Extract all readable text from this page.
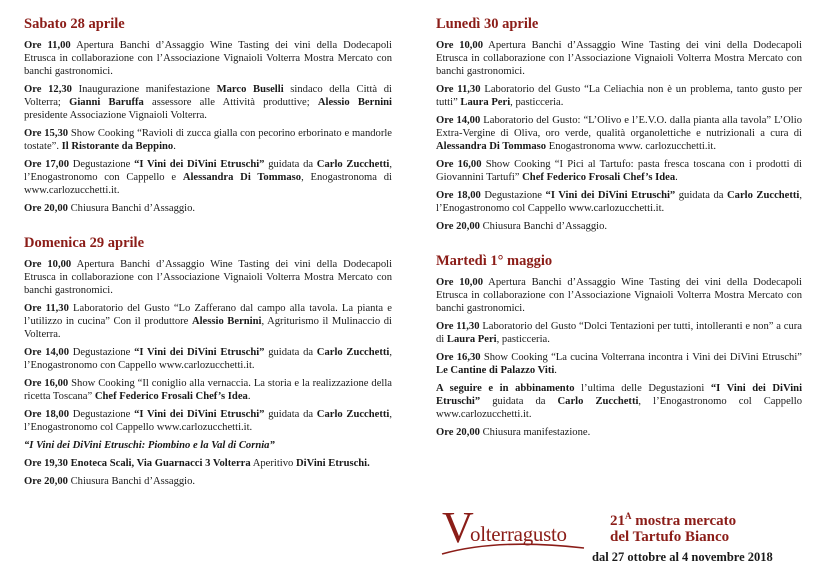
Sabato 28 aprile
Ore 11,00 Apertura Banchi d’Assaggio Wine Tasting dei vini della Dodecapoli Etrusca in collaborazione con l’Associazione Vignaioli Volterra Mostra Mercato con banchi gastronomici.
Ore 12,30 Inaugurazione manifestazione Marco Buselli sindaco della Città di Volterra; Gianni Baruffa assessore alle Attività produttive; Alessio Bernini presidente Associazione Vignaioli Volterra.
Ore 15,30 Show Cooking “Ravioli di zucca gialla con pecorino erborinato e mandorle tostate”. Il Ristorante da Beppino.
Ore 17,00 Degustazione “I Vini dei DiVini Etruschi” guidata da Carlo Zucchetti, l’Enogastronomo con Cappello e Alessandra Di Tommaso, Enogastronoma di www.carlozucchetti.it.
Ore 20,00 Chiusura Banchi d’Assaggio.
Domenica 29 aprile
Ore 10,00 Apertura Banchi d’Assaggio Wine Tasting dei vini della Dodecapoli Etrusca in collaborazione con l’Associazione Vignaioli Volterra Mostra Mercato con banchi gastronomici.
Ore 11,30 Laboratorio del Gusto “Lo Zafferano dal campo alla tavola. La pianta e l’utilizzo in cucina” Con il produttore Alessio Bernini, Agriturismo il Mulinaccio di Volterra.
Ore 14,00 Degustazione “I Vini dei DiVini Etruschi” guidata da Carlo Zucchetti, l’Enogastronomo con Cappello www.carlozucchetti.it.
Ore 16,00 Show Cooking “Il coniglio alla vernaccia. La storia e la realizzazione della ricetta Toscana” Chef Federico Frosali Chef’s Idea.
Ore 18,00 Degustazione “I Vini dei DiVini Etruschi” guidata da Carlo Zucchetti, l’Enogastronomo col Cappello www.carlozucchetti.it.
“I Vini dei DiVini Etruschi: Piombino e la Val di Cornia”
Ore 19,30 Enoteca Scali, Via Guarnacci 3 Volterra Aperitivo DiVini Etruschi.
Ore 20,00 Chiusura Banchi d’Assaggio.
Lunedì 30 aprile
Ore 10,00 Apertura Banchi d’Assaggio Wine Tasting dei vini della Dodecapoli Etrusca in collaborazione con l’Associazione Vignaioli Volterra Mostra Mercato con banchi gastronomici.
Ore 11,30 Laboratorio del Gusto “La Celiachia non è un problema, tanto gusto per tutti” Laura Peri, pasticceria.
Ore 14,00 Laboratorio del Gusto: “L’Olivo e l’E.V.O. dalla pianta alla tavola” L’Olio Extra-Vergine di Oliva, oro verde, qualità organolettiche e nutrizionali a cura di Alessandra Di Tommaso Enogastronoma www. carlozucchetti.it.
Ore 16,00 Show Cooking “I Pici al Tartufo: pasta fresca toscana con i prodotti di Giovannini Tartufi” Chef Federico Frosali Chef’s Idea.
Ore 18,00 Degustazione “I Vini dei DiVini Etruschi” guidata da Carlo Zucchetti, l’Enogastronomo col Cappello www.carlozucchetti.it.
Ore 20,00 Chiusura Banchi d’Assaggio.
Martedì 1° maggio
Ore 10,00 Apertura Banchi d’Assaggio Wine Tasting dei vini della Dodecapoli Etrusca in collaborazione con l’Associazione Vignaioli Volterra Mostra Mercato con banchi gastronomici.
Ore 11,30 Laboratorio del Gusto “Dolci Tentazioni per tutti, intolleranti e non” a cura di Laura Peri, pasticceria.
Ore 16,30 Show Cooking “La cucina Volterrana incontra i Vini dei DiVini Etruschi” Le Cantine di Palazzo Viti.
A seguire e in abbinamento l’ultima delle Degustazioni “I Vini dei DiVini Etruschi” guidata da Carlo Zucchetti, l’Enogastronomo col Cappello www.carlozucchetti.it.
Ore 20,00 Chiusura manifestazione.
V
olterragusto
$21^A$ mostra mercato
del Tartufo Bianco
dal 27 ottobre al 4 novembre 2018
